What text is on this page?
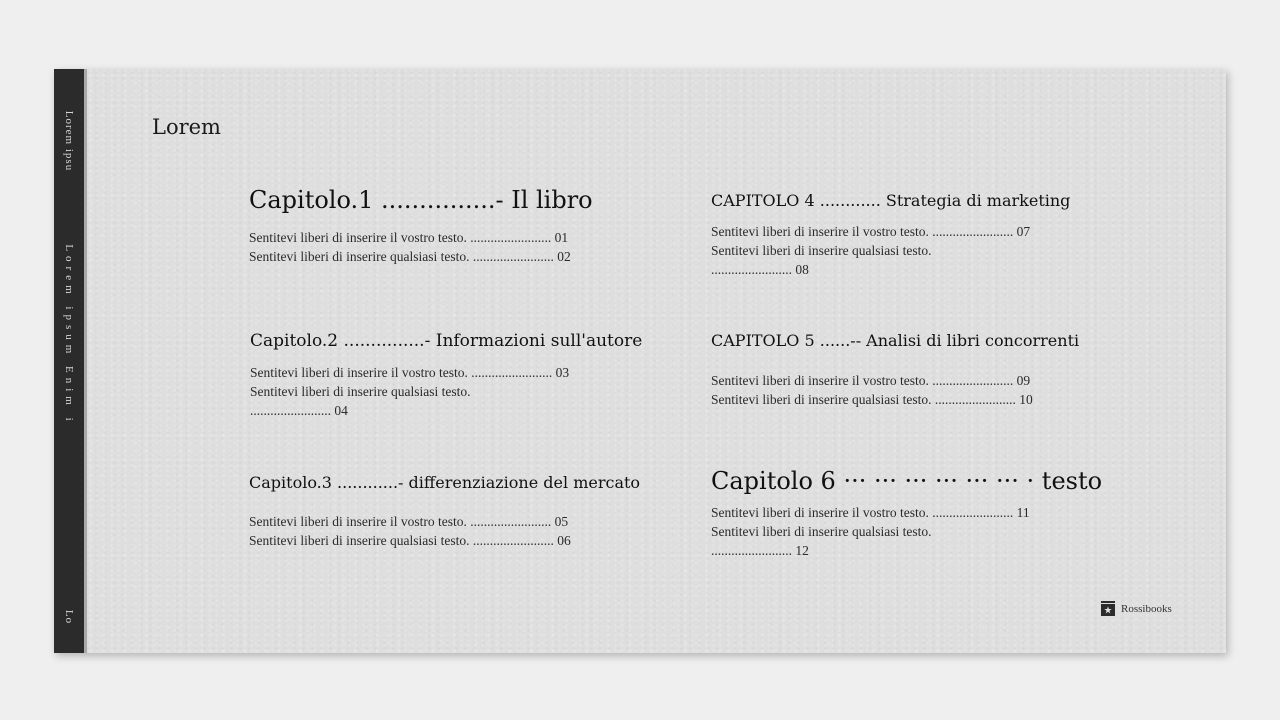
Lorem ipsu
Lorem ipsum Enim i
Lo
Lorem
Capitolo.1 ...............- Il libro
Sentitevi liberi di inserire il vostro testo. ........................ 01
Sentitevi liberi di inserire qualsiasi testo. ........................ 02
Capitolo.2 ...............- Informazioni sull'autore
Sentitevi liberi di inserire il vostro testo. ........................ 03
Sentitevi liberi di inserire qualsiasi testo.
........................ 04
Capitolo.3 ............- differenziazione del mercato
Sentitevi liberi di inserire il vostro testo. ........................ 05
Sentitevi liberi di inserire qualsiasi testo. ........................ 06
CAPITOLO 4 ............ Strategia di marketing
Sentitevi liberi di inserire il vostro testo. ........................ 07
Sentitevi liberi di inserire qualsiasi testo.
........................ 08
CAPITOLO 5 ......-- Analisi di libri concorrenti
Sentitevi liberi di inserire il vostro testo. ........................ 09
Sentitevi liberi di inserire qualsiasi testo. ........................ 10
Capitolo 6 ··· ··· ··· ··· ··· ··· · testo
Sentitevi liberi di inserire il vostro testo. ........................ 11
Sentitevi liberi di inserire qualsiasi testo.
........................ 12
Rossibooks
